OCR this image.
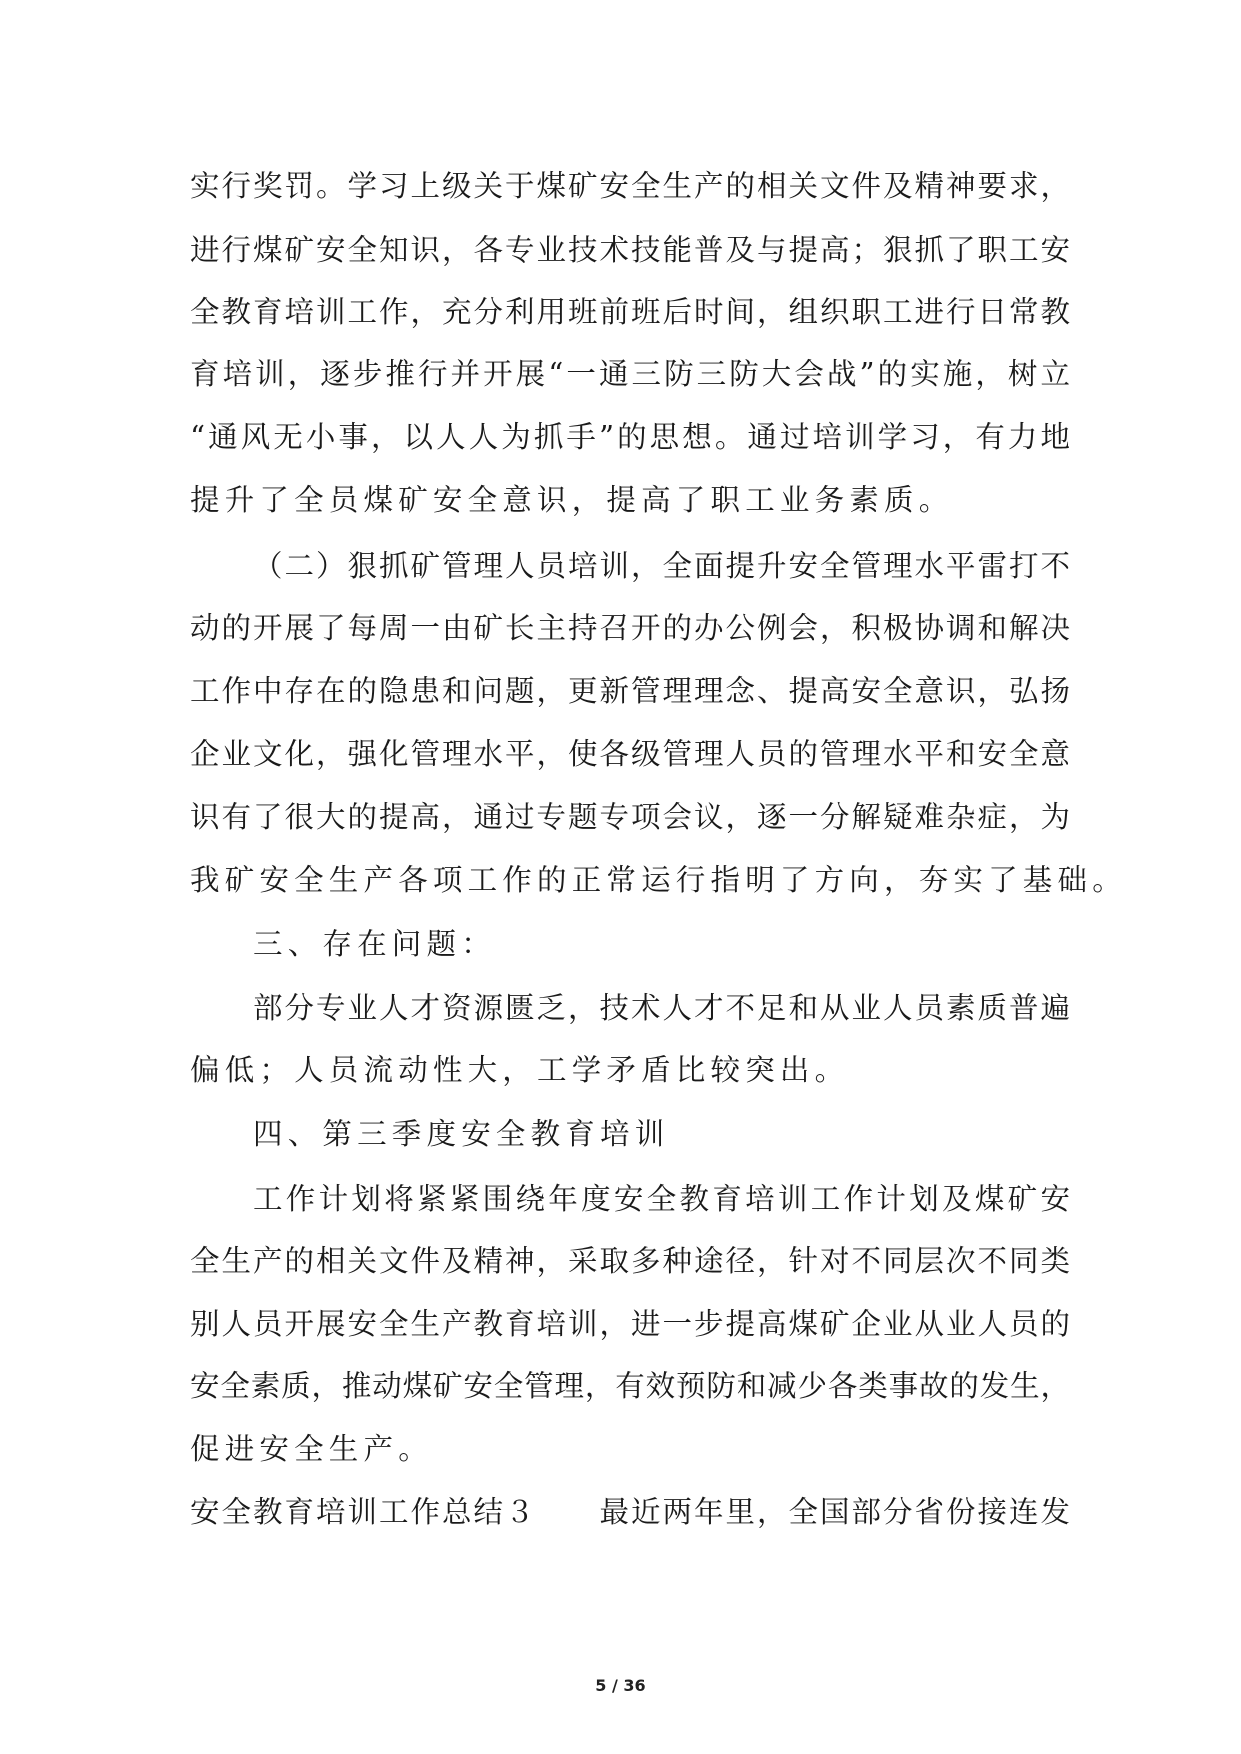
实行奖罚。学习上级关于煤矿安全生产的相关文件及精神要求，
进行煤矿安全知识，各专业技术技能普及与提高；狠抓了职工安
全教育培训工作，充分利用班前班后时间，组织职工进行日常教
育培训，逐步推行并开展“一通三防三防大会战”的实施，树立
“通风无小事，以人人为抓手”的思想。通过培训学习，有力地
提升了全员煤矿安全意识，提高了职工业务素质。
（二）狠抓矿管理人员培训，全面提升安全管理水平雷打不
动的开展了每周一由矿长主持召开的办公例会，积极协调和解决
工作中存在的隐患和问题，更新管理理念、提高安全意识，弘扬
企业文化，强化管理水平，使各级管理人员的管理水平和安全意
识有了很大的提高，通过专题专项会议，逐一分解疑难杂症，为
我矿安全生产各项工作的正常运行指明了方向，夯实了基础。
三、存在问题：
部分专业人才资源匮乏，技术人才不足和从业人员素质普遍
偏低；人员流动性大，工学矛盾比较突出。
四、第三季度安全教育培训
工作计划将紧紧围绕年度安全教育培训工作计划及煤矿安
全生产的相关文件及精神，采取多种途径，针对不同层次不同类
别人员开展安全生产教育培训，进一步提高煤矿企业从业人员的
安全素质，推动煤矿安全管理，有效预防和减少各类事故的发生，
促进安全生产。
安全教育培训工作总结３　　最近两年里，全国部分省份接连发
5 / 36
